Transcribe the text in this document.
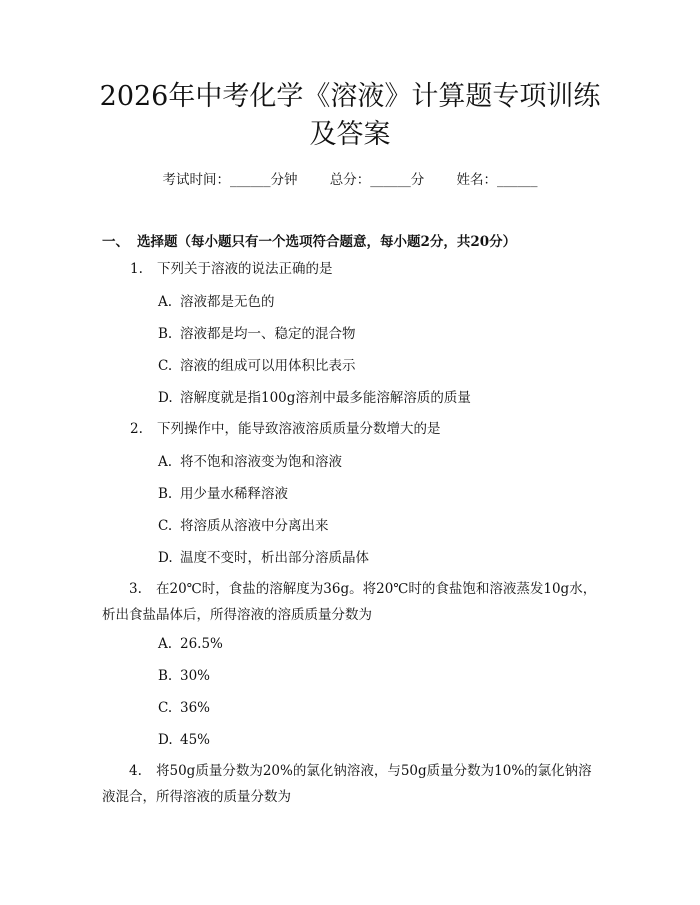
2026年中考化学《溶液》计算题专项训练及答案
考试时间：______分钟 总分：______分 姓名：______
一、 选择题（每小题只有一个选项符合题意，每小题2分，共20分）
1. 下列关于溶液的说法正确的是
A. 溶液都是无色的
B. 溶液都是均一、稳定的混合物
C. 溶液的组成可以用体积比表示
D. 溶解度就是指100g溶剂中最多能溶解溶质的质量
2. 下列操作中，能导致溶液溶质质量分数增大的是
A. 将不饱和溶液变为饱和溶液
B. 用少量水稀释溶液
C. 将溶质从溶液中分离出来
D. 温度不变时，析出部分溶质晶体
3. 在20℃时，食盐的溶解度为36g。将20℃时的食盐饱和溶液蒸发10g水，析出食盐晶体后，所得溶液的溶质质量分数为
A. 26.5%
B. 30%
C. 36%
D. 45%
4. 将50g质量分数为20%的氯化钠溶液，与50g质量分数为10%的氯化钠溶液混合，所得溶液的质量分数为
